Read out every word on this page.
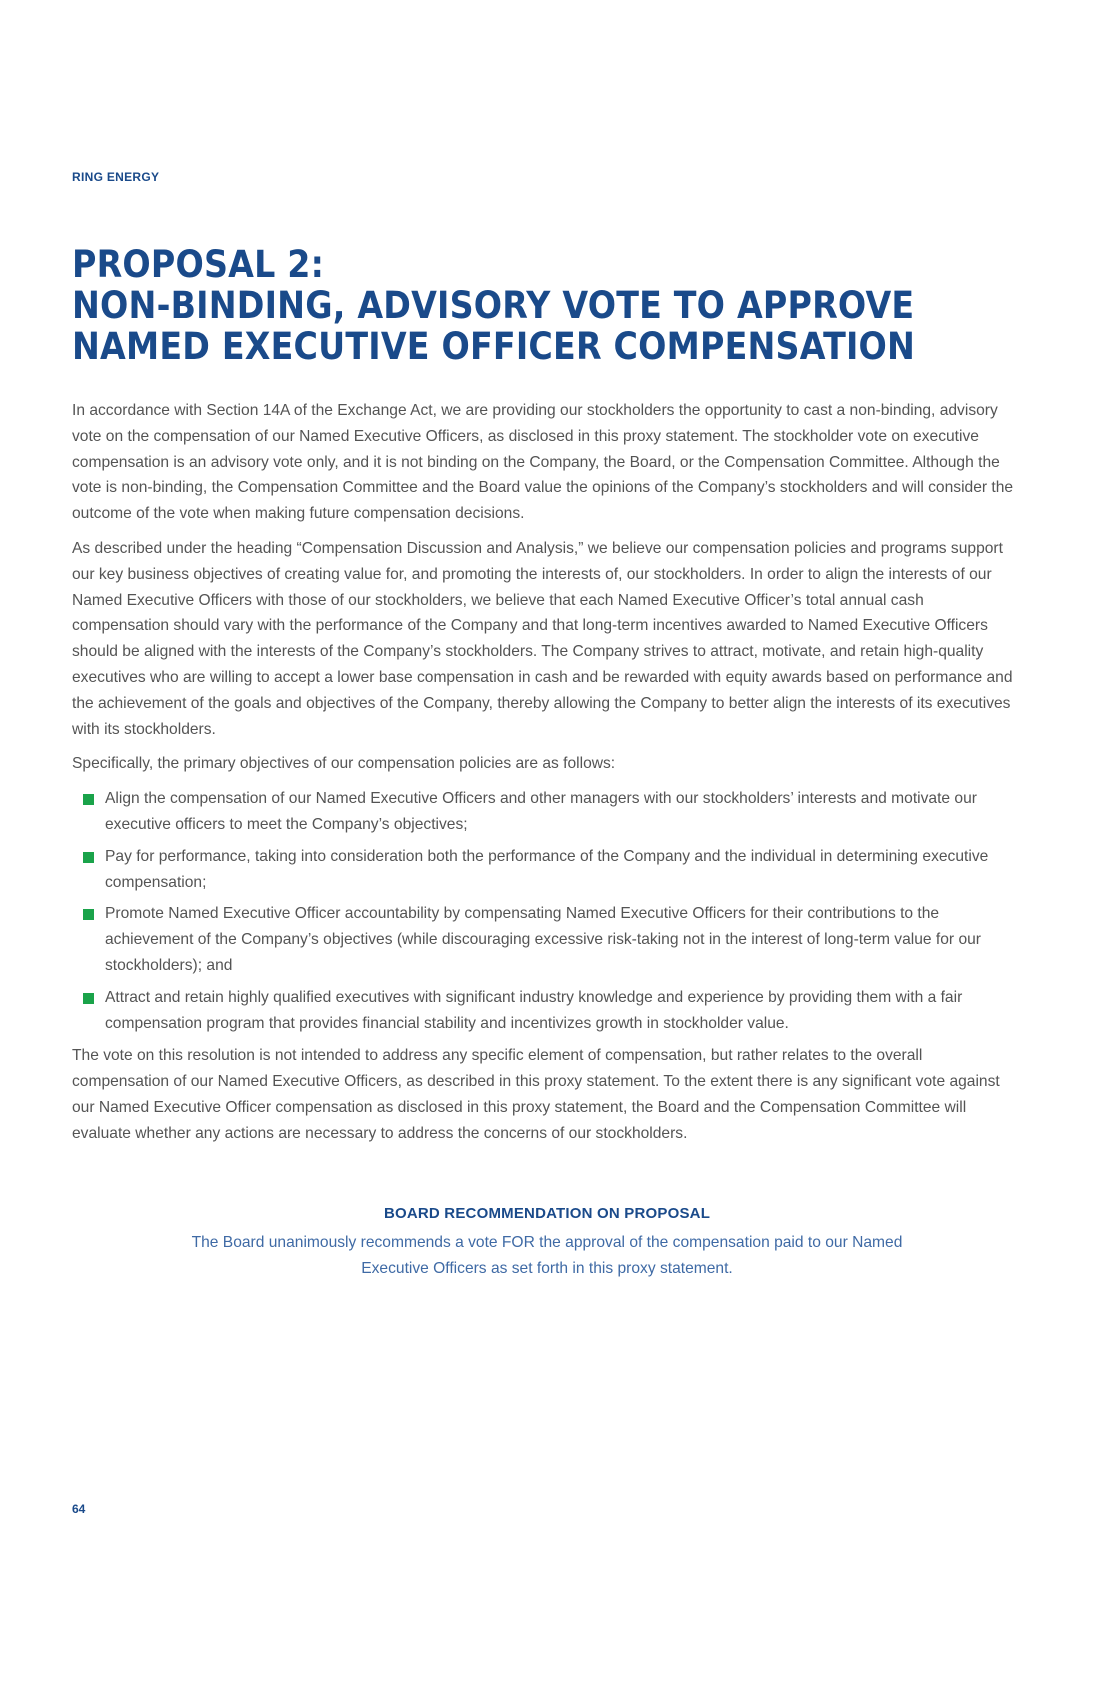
RING ENERGY
PROPOSAL 2:
NON-BINDING, ADVISORY VOTE TO APPROVE
NAMED EXECUTIVE OFFICER COMPENSATION

In accordance with Section 14A of the Exchange Act, we are providing our stockholders the opportunity to cast a non-binding, advisory vote on the compensation of our Named Executive Officers, as disclosed in this proxy statement. The stockholder vote on executive compensation is an advisory vote only, and it is not binding on the Company, the Board, or the Compensation Committee. Although the vote is non-binding, the Compensation Committee and the Board value the opinions of the Company’s stockholders and will consider the outcome of the vote when making future compensation decisions.

As described under the heading “Compensation Discussion and Analysis,” we believe our compensation policies and programs support our key business objectives of creating value for, and promoting the interests of, our stockholders. In order to align the interests of our Named Executive Officers with those of our stockholders, we believe that each Named Executive Officer’s total annual cash compensation should vary with the performance of the Company and that long-term incentives awarded to Named Executive Officers should be aligned with the interests of the Company’s stockholders. The Company strives to attract, motivate, and retain high-quality executives who are willing to accept a lower base compensation in cash and be rewarded with equity awards based on performance and the achievement of the goals and objectives of the Company, thereby allowing the Company to better align the interests of its executives with its stockholders.

Specifically, the primary objectives of our compensation policies are as follows:

Align the compensation of our Named Executive Officers and other managers with our stockholders’ interests and motivate our executive officers to meet the Company’s objectives;
Pay for performance, taking into consideration both the performance of the Company and the individual in determining executive compensation;
Promote Named Executive Officer accountability by compensating Named Executive Officers for their contributions to the achievement of the Company’s objectives (while discouraging excessive risk-taking not in the interest of long-term value for our stockholders); and
Attract and retain highly qualified executives with significant industry knowledge and experience by providing them with a fair compensation program that provides financial stability and incentivizes growth in stockholder value.

The vote on this resolution is not intended to address any specific element of compensation, but rather relates to the overall compensation of our Named Executive Officers, as described in this proxy statement. To the extent there is any significant vote against our Named Executive Officer compensation as disclosed in this proxy statement, the Board and the Compensation Committee will evaluate whether any actions are necessary to address the concerns of our stockholders.

BOARD RECOMMENDATION ON PROPOSAL
The Board unanimously recommends a vote FOR the approval of the compensation paid to our Named Executive Officers as set forth in this proxy statement.
64
